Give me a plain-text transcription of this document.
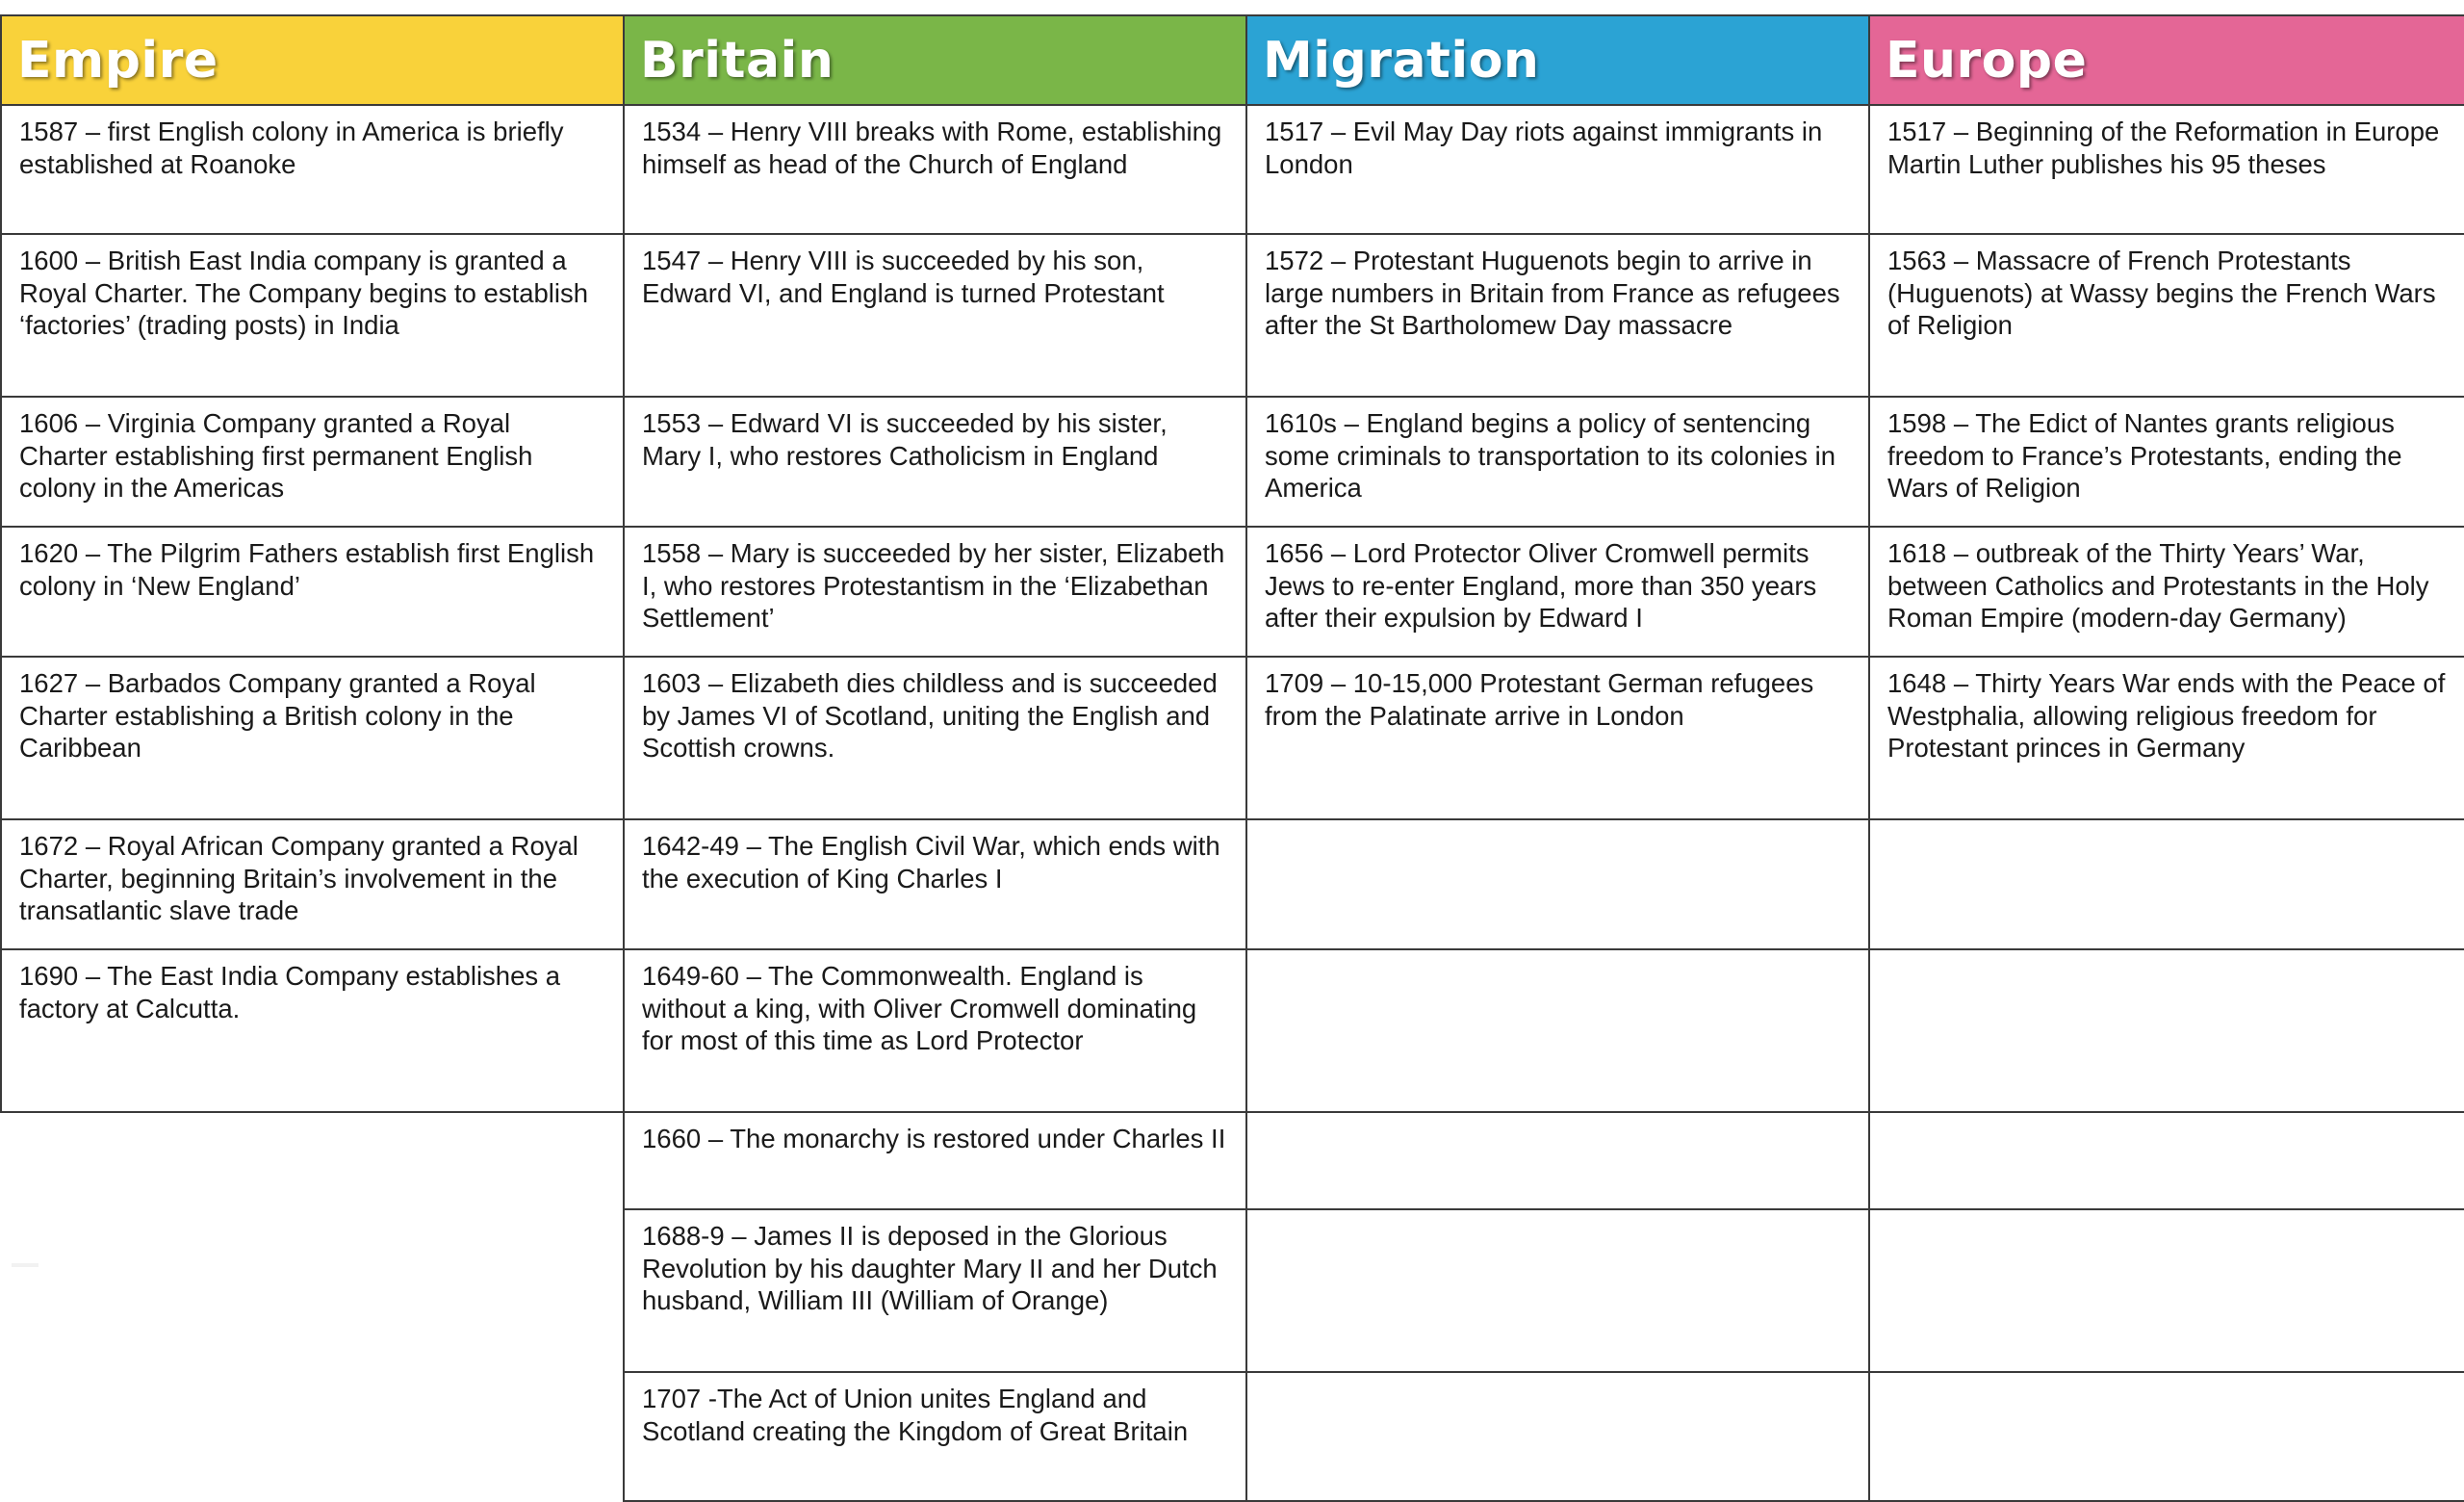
Empire	Britain	Migration	Europe
1587 – first English colony in America is briefly established at Roanoke	1534 – Henry VIII breaks with Rome, establishing himself as head of the Church of England	1517 – Evil May Day riots against immigrants in London	1517 – Beginning of the Reformation in Europe Martin Luther publishes his 95 theses
1600 – British East India company is granted a Royal Charter. The Company begins to establish ‘factories’ (trading posts) in India	1547 – Henry VIII is succeeded by his son, Edward VI, and England is turned Protestant	1572 – Protestant Huguenots begin to arrive in large numbers in Britain from France as refugees after the St Bartholomew Day massacre	1563 – Massacre of French Protestants (Huguenots) at Wassy begins the French Wars of Religion
1606 – Virginia Company granted a Royal Charter establishing first permanent English colony in the Americas	1553 – Edward VI is succeeded by his sister, Mary I, who restores Catholicism in England	1610s – England begins a policy of sentencing some criminals to transportation to its colonies in America	1598 – The Edict of Nantes grants religious freedom to France’s Protestants, ending the Wars of Religion
1620 – The Pilgrim Fathers establish first English colony in ‘New England’	1558 – Mary is succeeded by her sister, Elizabeth I, who restores Protestantism in the ‘Elizabethan Settlement’	1656 – Lord Protector Oliver Cromwell permits Jews to re-enter England, more than 350 years after their expulsion by Edward I	1618 – outbreak of the Thirty Years’ War, between Catholics and Protestants in the Holy Roman Empire (modern-day Germany)
1627 – Barbados Company granted a Royal Charter establishing a British colony in the Caribbean	1603 – Elizabeth dies childless and is succeeded by James VI of Scotland, uniting the English and Scottish crowns.	1709 – 10-15,000 Protestant German refugees from the Palatinate arrive in London	1648 – Thirty Years War ends with the Peace of Westphalia, allowing religious freedom for Protestant princes in Germany
1672 – Royal African Company granted a Royal Charter, beginning Britain’s involvement in the transatlantic slave trade	1642-49 – The English Civil War, which ends with the execution of King Charles I		
1690 – The East India Company establishes a factory at Calcutta.	1649-60 – The Commonwealth. England is without a king, with Oliver Cromwell dominating for most of this time as Lord Protector		
	1660 – The monarchy is restored under Charles II		
	1688-9 – James II is deposed in the Glorious Revolution by his daughter Mary II and her Dutch husband, William III (William of Orange)		
	1707 -The Act of Union unites England and Scotland creating the Kingdom of Great Britain		
